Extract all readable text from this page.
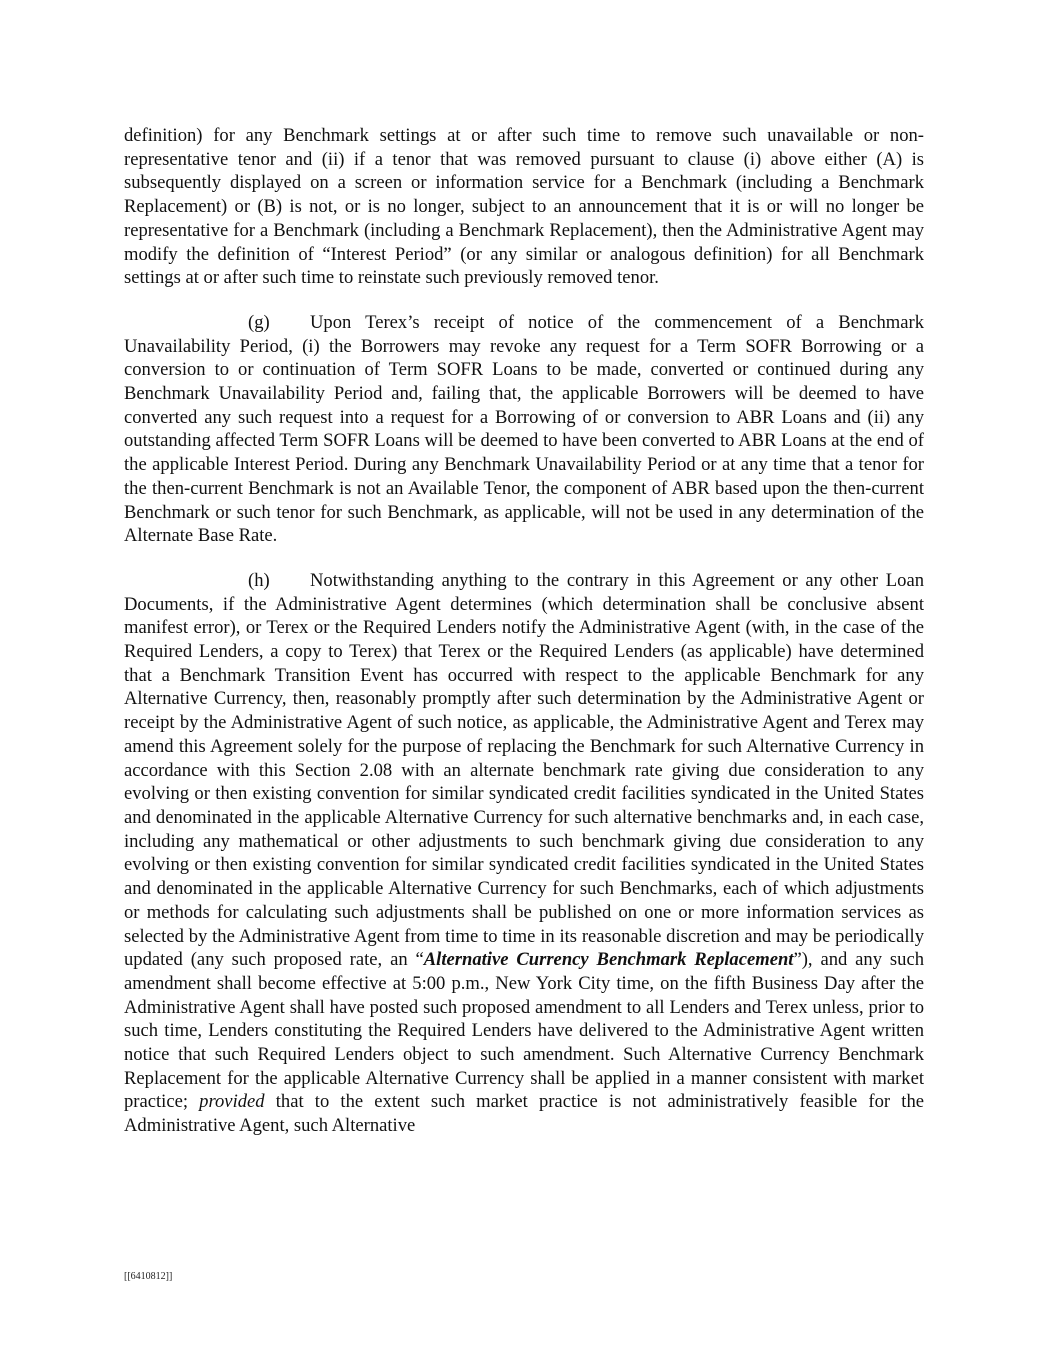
definition) for any Benchmark settings at or after such time to remove such unavailable or non-representative tenor and (ii) if a tenor that was removed pursuant to clause (i) above either (A) is subsequently displayed on a screen or information service for a Benchmark (including a Benchmark Replacement) or (B) is not, or is no longer, subject to an announcement that it is or will no longer be representative for a Benchmark (including a Benchmark Replacement), then the Administrative Agent may modify the definition of “Interest Period” (or any similar or analogous definition) for all Benchmark settings at or after such time to reinstate such previously removed tenor.

(g) Upon Terex’s receipt of notice of the commencement of a Benchmark Unavailability Period, (i) the Borrowers may revoke any request for a Term SOFR Borrowing or a conversion to or continuation of Term SOFR Loans to be made, converted or continued during any Benchmark Unavailability Period and, failing that, the applicable Borrowers will be deemed to have converted any such request into a request for a Borrowing of or conversion to ABR Loans and (ii) any outstanding affected Term SOFR Loans will be deemed to have been converted to ABR Loans at the end of the applicable Interest Period. During any Benchmark Unavailability Period or at any time that a tenor for the then-current Benchmark is not an Available Tenor, the component of ABR based upon the then-current Benchmark or such tenor for such Benchmark, as applicable, will not be used in any determination of the Alternate Base Rate.

(h) Notwithstanding anything to the contrary in this Agreement or any other Loan Documents, if the Administrative Agent determines (which determination shall be conclusive absent manifest error), or Terex or the Required Lenders notify the Administrative Agent (with, in the case of the Required Lenders, a copy to Terex) that Terex or the Required Lenders (as applicable) have determined that a Benchmark Transition Event has occurred with respect to the applicable Benchmark for any Alternative Currency, then, reasonably promptly after such determination by the Administrative Agent or receipt by the Administrative Agent of such notice, as applicable, the Administrative Agent and Terex may amend this Agreement solely for the purpose of replacing the Benchmark for such Alternative Currency in accordance with this Section 2.08 with an alternate benchmark rate giving due consideration to any evolving or then existing convention for similar syndicated credit facilities syndicated in the United States and denominated in the applicable Alternative Currency for such alternative benchmarks and, in each case, including any mathematical or other adjustments to such benchmark giving due consideration to any evolving or then existing convention for similar syndicated credit facilities syndicated in the United States and denominated in the applicable Alternative Currency for such Benchmarks, each of which adjustments or methods for calculating such adjustments shall be published on one or more information services as selected by the Administrative Agent from time to time in its reasonable discretion and may be periodically updated (any such proposed rate, an “Alternative Currency Benchmark Replacement”), and any such amendment shall become effective at 5:00 p.m., New York City time, on the fifth Business Day after the Administrative Agent shall have posted such proposed amendment to all Lenders and Terex unless, prior to such time, Lenders constituting the Required Lenders have delivered to the Administrative Agent written notice that such Required Lenders object to such amendment. Such Alternative Currency Benchmark Replacement for the applicable Alternative Currency shall be applied in a manner consistent with market practice; provided that to the extent such market practice is not administratively feasible for the Administrative Agent, such Alternative

[[6410812]]
